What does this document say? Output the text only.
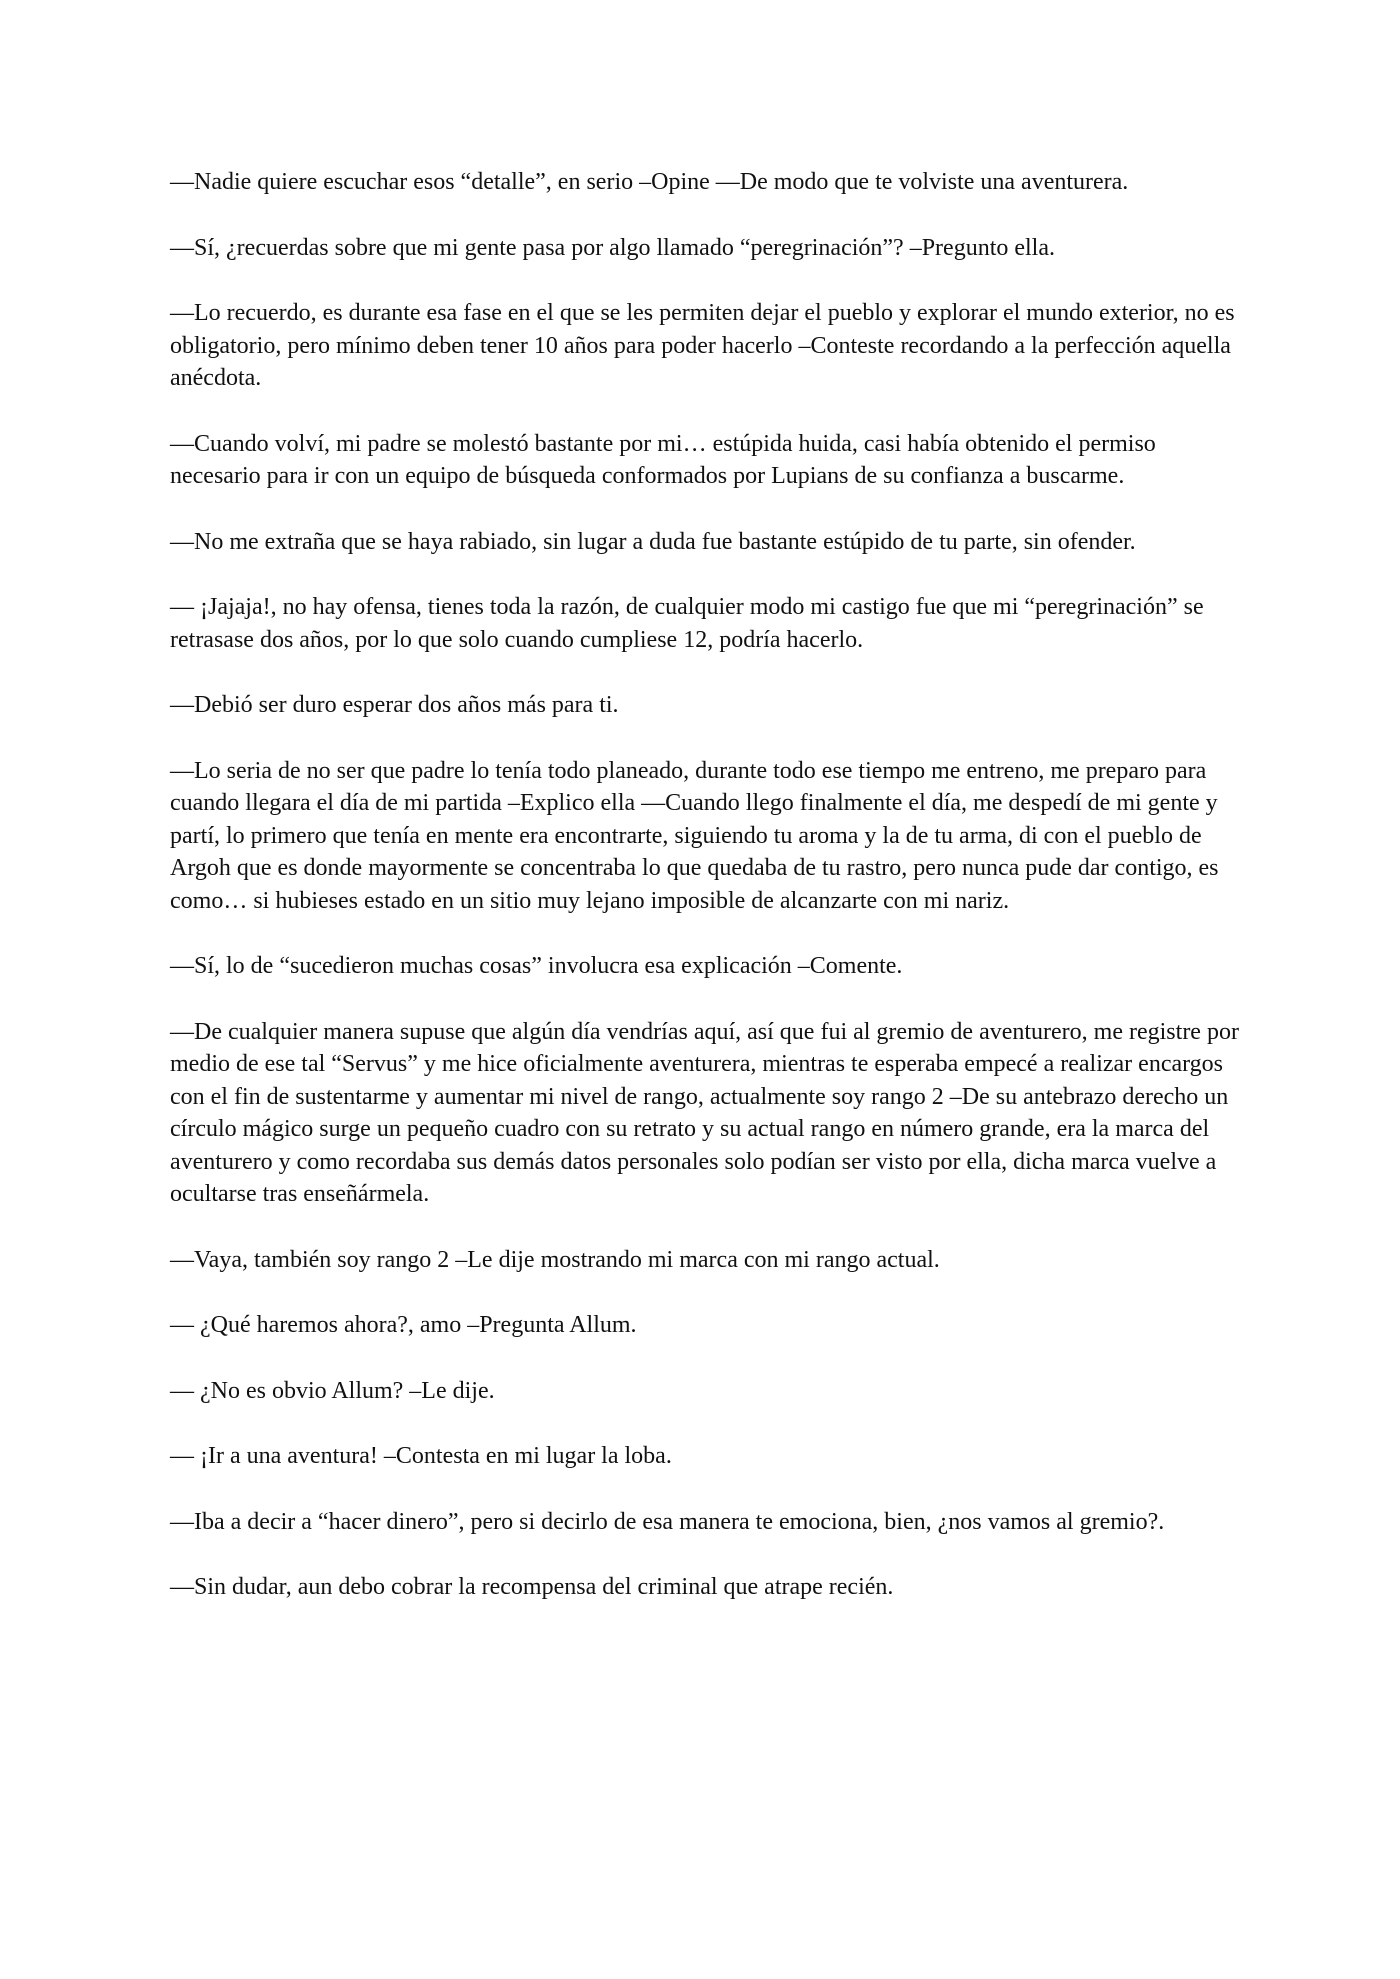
—Nadie quiere escuchar esos “detalle”, en serio –Opine —De modo que te volviste una aventurera.

—Sí, ¿recuerdas sobre que mi gente pasa por algo llamado “peregrinación”? –Pregunto ella.

—Lo recuerdo, es durante esa fase en el que se les permiten dejar el pueblo y explorar el mundo exterior, no es obligatorio, pero mínimo deben tener 10 años para poder hacerlo –Conteste recordando a la perfección aquella anécdota.

—Cuando volví, mi padre se molestó bastante por mi… estúpida huida, casi había obtenido el permiso necesario para ir con un equipo de búsqueda conformados por Lupians de su confianza a buscarme.

—No me extraña que se haya rabiado, sin lugar a duda fue bastante estúpido de tu parte, sin ofender.

— ¡Jajaja!, no hay ofensa, tienes toda la razón, de cualquier modo mi castigo fue que mi “peregrinación” se retrasase dos años, por lo que solo cuando cumpliese 12, podría hacerlo.

—Debió ser duro esperar dos años más para ti.

—Lo seria de no ser que padre lo tenía todo planeado, durante todo ese tiempo me entreno, me preparo para cuando llegara el día de mi partida –Explico ella —Cuando llego finalmente el día, me despedí de mi gente y partí, lo primero que tenía en mente era encontrarte, siguiendo tu aroma y la de tu arma, di con el pueblo de Argoh que es donde mayormente se concentraba lo que quedaba de tu rastro, pero nunca pude dar contigo, es como… si hubieses estado en un sitio muy lejano imposible de alcanzarte con mi nariz.

—Sí, lo de “sucedieron muchas cosas” involucra esa explicación –Comente.

—De cualquier manera supuse que algún día vendrías aquí, así que fui al gremio de aventurero, me registre por medio de ese tal “Servus” y me hice oficialmente aventurera, mientras te esperaba empecé a realizar encargos con el fin de sustentarme y aumentar mi nivel de rango, actualmente soy rango 2 –De su antebrazo derecho un círculo mágico surge un pequeño cuadro con su retrato y su actual rango en número grande, era la marca del aventurero y como recordaba sus demás datos personales solo podían ser visto por ella, dicha marca vuelve a ocultarse tras enseñármela.

—Vaya, también soy rango 2 –Le dije mostrando mi marca con mi rango actual.

— ¿Qué haremos ahora?, amo –Pregunta Allum.

— ¿No es obvio Allum? –Le dije.

— ¡Ir a una aventura! –Contesta en mi lugar la loba.

—Iba a decir a “hacer dinero”, pero si decirlo de esa manera te emociona, bien, ¿nos vamos al gremio?.

—Sin dudar, aun debo cobrar la recompensa del criminal que atrape recién.
